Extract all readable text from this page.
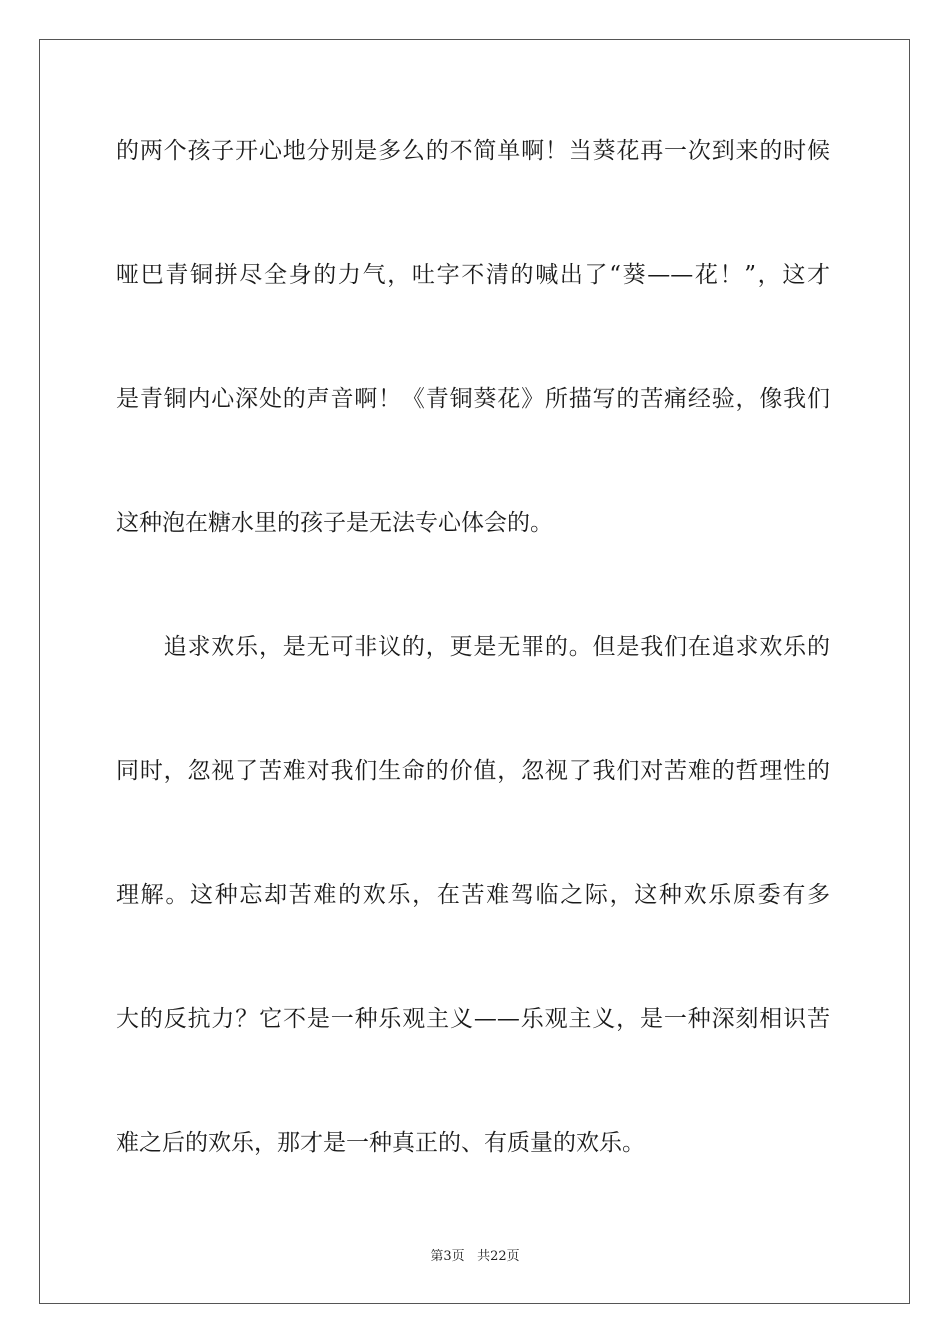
的两个孩子开心地分别是多么的不简单啊！当葵花再一次到来的时候
哑巴青铜拼尽全身的力气，吐字不清的喊出了“葵——花！”，这才
是青铜内心深处的声音啊！《青铜葵花》所描写的苦痛经验，像我们
这种泡在糖水里的孩子是无法专心体会的。
　　追求欢乐，是无可非议的，更是无罪的。但是我们在追求欢乐的
同时，忽视了苦难对我们生命的价值，忽视了我们对苦难的哲理性的
理解。这种忘却苦难的欢乐，在苦难驾临之际，这种欢乐原委有多
大的反抗力？它不是一种乐观主义——乐观主义，是一种深刻相识苦
难之后的欢乐，那才是一种真正的、有质量的欢乐。
第3页 共22页
